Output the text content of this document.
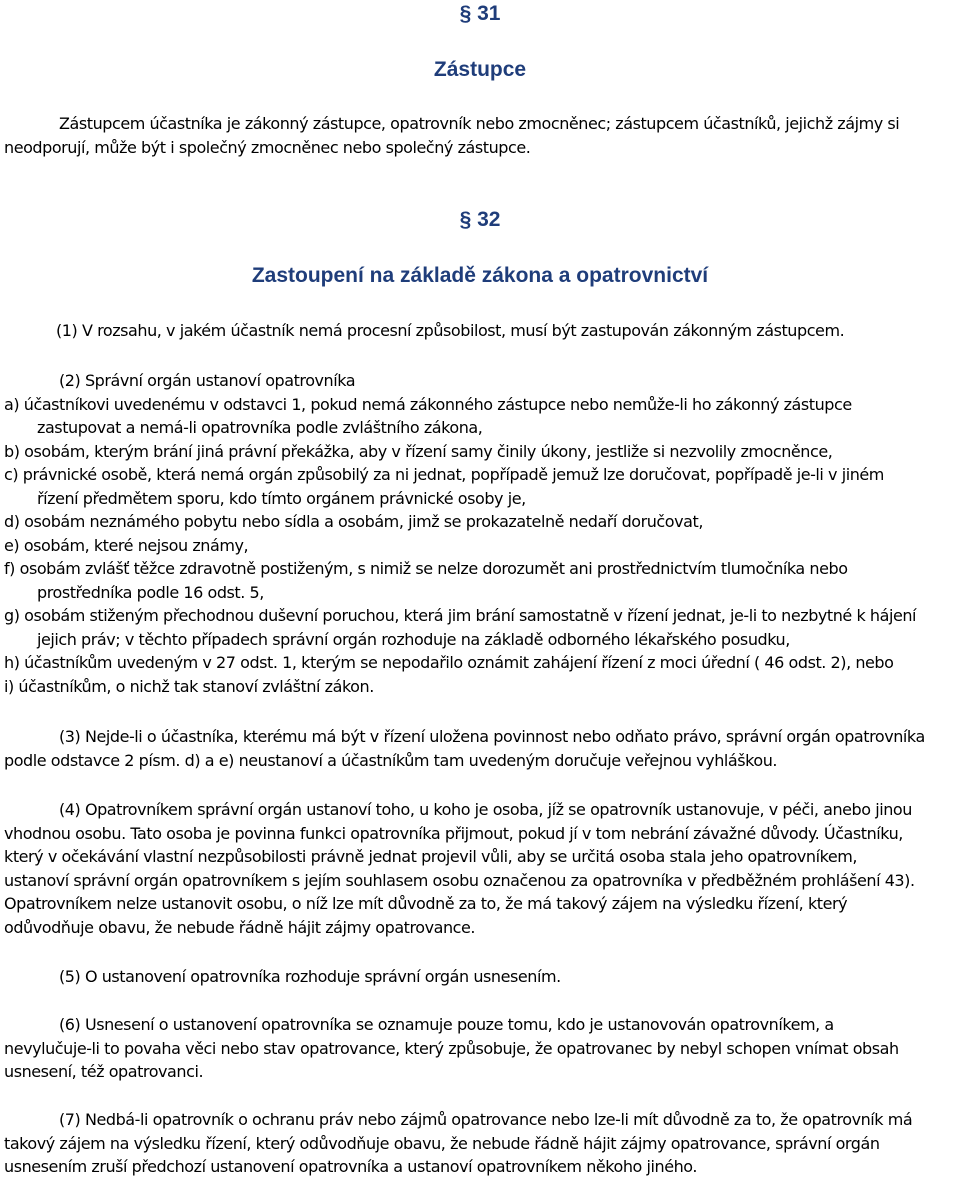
§ 31
Zástupce
Zástupcem účastníka je zákonný zástupce, opatrovník nebo zmocněnec; zástupcem účastníků, jejichž zájmy si
neodporují, může být i společný zmocněnec nebo společný zástupce.
§ 32
Zastoupení na základě zákona a opatrovnictví
(1) V rozsahu, v jakém účastník nemá procesní způsobilost, musí být zastupován zákonným zástupcem.
(2) Správní orgán ustanoví opatrovníka
a) účastníkovi uvedenému v odstavci 1, pokud nemá zákonného zástupce nebo nemůže-li ho zákonný zástupce
zastupovat a nemá-li opatrovníka podle zvláštního zákona,
b) osobám, kterým brání jiná právní překážka, aby v řízení samy činily úkony, jestliže si nezvolily zmocněnce,
c) právnické osobě, která nemá orgán způsobilý za ni jednat, popřípadě jemuž lze doručovat, popřípadě je-li v jiném
řízení předmětem sporu, kdo tímto orgánem právnické osoby je,
d) osobám neznámého pobytu nebo sídla a osobám, jimž se prokazatelně nedaří doručovat,
e) osobám, které nejsou známy,
f) osobám zvlášť těžce zdravotně postiženým, s nimiž se nelze dorozumět ani prostřednictvím tlumočníka nebo
prostředníka podle 16 odst. 5,
g) osobám stiženým přechodnou duševní poruchou, která jim brání samostatně v řízení jednat, je-li to nezbytné k hájení
jejich práv; v těchto případech správní orgán rozhoduje na základě odborného lékařského posudku,
h) účastníkům uvedeným v 27 odst. 1, kterým se nepodařilo oznámit zahájení řízení z moci úřední ( 46 odst. 2), nebo
i) účastníkům, o nichž tak stanoví zvláštní zákon.
(3) Nejde-li o účastníka, kterému má být v řízení uložena povinnost nebo odňato právo, správní orgán opatrovníka
podle odstavce 2 písm. d) a e) neustanoví a účastníkům tam uvedeným doručuje veřejnou vyhláškou.
(4) Opatrovníkem správní orgán ustanoví toho, u koho je osoba, jíž se opatrovník ustanovuje, v péči, anebo jinou
vhodnou osobu. Tato osoba je povinna funkci opatrovníka přijmout, pokud jí v tom nebrání závažné důvody. Účastníku,
který v očekávání vlastní nezpůsobilosti právně jednat projevil vůli, aby se určitá osoba stala jeho opatrovníkem,
ustanoví správní orgán opatrovníkem s jejím souhlasem osobu označenou za opatrovníka v předběžném prohlášení 43).
Opatrovníkem nelze ustanovit osobu, o níž lze mít důvodně za to, že má takový zájem na výsledku řízení, který
odůvodňuje obavu, že nebude řádně hájit zájmy opatrovance.
(5) O ustanovení opatrovníka rozhoduje správní orgán usnesením.
(6) Usnesení o ustanovení opatrovníka se oznamuje pouze tomu, kdo je ustanovován opatrovníkem, a
nevylučuje-li to povaha věci nebo stav opatrovance, který způsobuje, že opatrovanec by nebyl schopen vnímat obsah
usnesení, též opatrovanci.
(7) Nedbá-li opatrovník o ochranu práv nebo zájmů opatrovance nebo lze-li mít důvodně za to, že opatrovník má
takový zájem na výsledku řízení, který odůvodňuje obavu, že nebude řádně hájit zájmy opatrovance, správní orgán
usnesením zruší předchozí ustanovení opatrovníka a ustanoví opatrovníkem někoho jiného.
